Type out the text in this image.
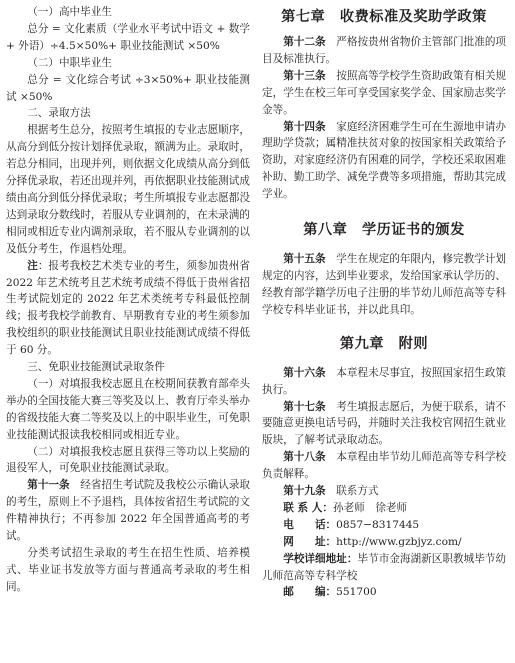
（一）高中毕业生

总分 = 文化素质（学业水平考试中语文 + 数学 + 外语）÷4.5×50%+ 职业技能测试 ×50%

（二）中职毕业生

总分 = 文化综合考试 ÷3×50%+ 职业技能测试 ×50%

二、录取方法

根据考生总分，按照考生填报的专业志愿顺序，从高分到低分按计划择优录取，额满为止。录取时，若总分相同，出现并列，则依据文化成绩从高分到低分择优录取，若还出现并列，再依据职业技能测试成绩由高分到低分择优录取；考生所填报专业志愿都没达到录取分数线时，若服从专业调剂的，在未录满的相同或相近专业内调剂录取，若不服从专业调剂的以及低分考生，作退档处理。

注：报考我校艺术类专业的考生，须参加贵州省 2022 年艺术统考且艺术统考成绩不得低于贵州省招生考试院划定的 2022 年艺术类统考专科最低控制线；报考我校学前教育、早期教育专业的考生须参加我校组织的职业技能测试且职业技能测试成绩不得低于 60 分。

三、免职业技能测试录取条件

（一）对填报我校志愿且在校期间获教育部牵头举办的全国技能大赛三等奖及以上、教育厅牵头举办的省级技能大赛二等奖及以上的中职毕业生，可免职业技能测试报读我校相同或相近专业。

（二）对填报我校志愿且获得三等功以上奖励的退役军人，可免职业技能测试录取。

第十一条　 经省招生考试院及我校公示确认录取的考生，原则上不予退档，具体按省招生考试院的文件精神执行；不再参加 2022 年全国普通高考的考试。

分类考试招生录取的考生在招生性质、培养模式、毕业证书发放等方面与普通高考录取的考生相同。

第七章　收费标准及奖助学政策

第十二条　 严格按贵州省物价主管部门批准的项目及标准执行。

第十三条　 按照高等学校学生资助政策有相关规定，学生在校三年可享受国家奖学金、国家励志奖学金等。

第十四条　 家庭经济困难学生可在生源地申请办理助学贷款；属精准扶贫对象的按国家相关政策给予资助，对家庭经济仍有困难的同学，学校还采取困难补助、勤工助学、减免学费等多项措施，帮助其完成学业。

第八章　学历证书的颁发

第十五条　 学生在规定的年限内，修完教学计划规定的内容，达到毕业要求，发给国家承认学历的、经教育部学籍学历电子注册的毕节幼儿师范高等专科学校专科毕业证书，并以此具印。

第九章　附则

第十六条　 本章程未尽事宜，按照国家招生政策执行。

第十七条　 考生填报志愿后，为便于联系，请不要随意更换电话号码，并随时关注我校官网招生就业版块，了解考试录取动态。

第十八条　 本章程由毕节幼儿师范高等专科学校负责解释。

第十九条　 联系方式

联 系 人：孙老师　徐老师

电　　话：0857−8317445

网　　址：http://www.gzbjyz.com/

学校详细地址：毕节市金海湖新区职教城毕节幼儿师范高等专科学校

邮　　编：551700
